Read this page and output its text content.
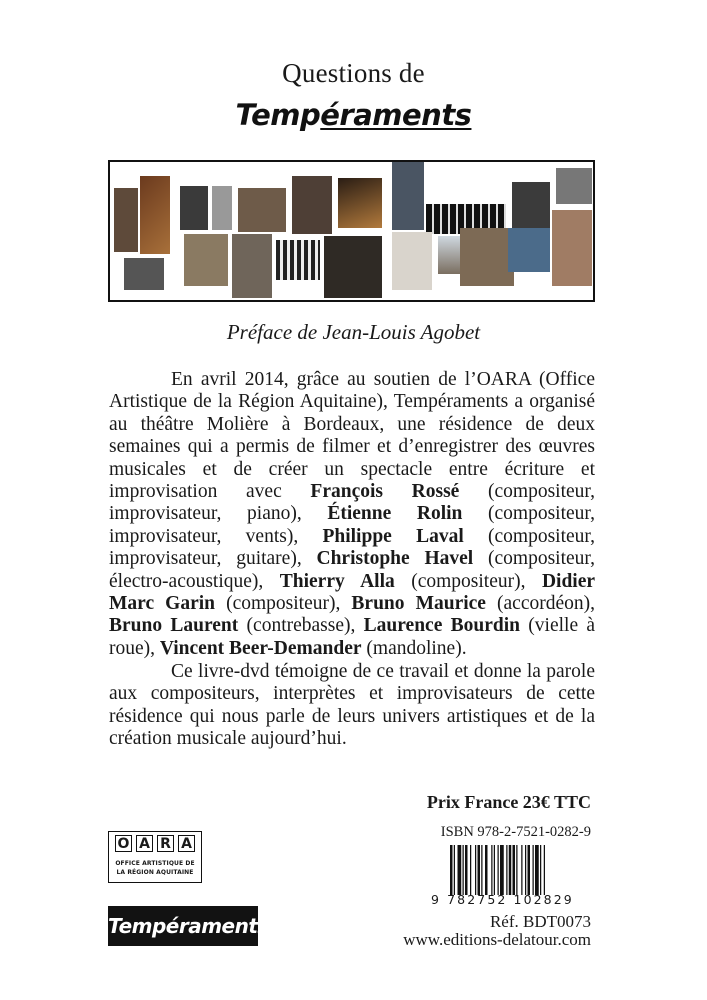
Questions de
Tempéraments
Préface de Jean-Louis Agobet

En avril 2014, grâce au soutien de l’OARA (Office Artistique de la Région Aquitaine), Tempéraments a organisé au théâtre Molière à Bordeaux, une résidence de deux semaines qui a permis de filmer et d’enregistrer des œuvres musicales et de créer un spectacle entre écriture et improvisation avec François Rossé (compositeur, improvisateur, piano), Étienne Rolin (compositeur, improvisateur, vents), Philippe Laval (compositeur, improvisateur, guitare), Christophe Havel (compositeur, électro-acoustique), Thierry Alla (compositeur), Didier Marc Garin (compositeur), Bruno Maurice (accordéon), Bruno Laurent (contrebasse), Laurence Bourdin (vielle à roue), Vincent Beer-Demander (mandoline).

Ce livre-dvd témoigne de ce travail et donne la parole aux compositeurs, interprètes et improvisateurs de cette résidence qui nous parle de leurs univers artistiques et de la création musicale aujourd’hui.

Prix France 23€ TTC
ISBN 978-2-7521-0282-9
9 782752 102829
O A R A
OFFICE ARTISTIQUE DE
LA RÉGION AQUITAINE
Tempéraments	Réf. BDT0073
www.editions-delatour.com
